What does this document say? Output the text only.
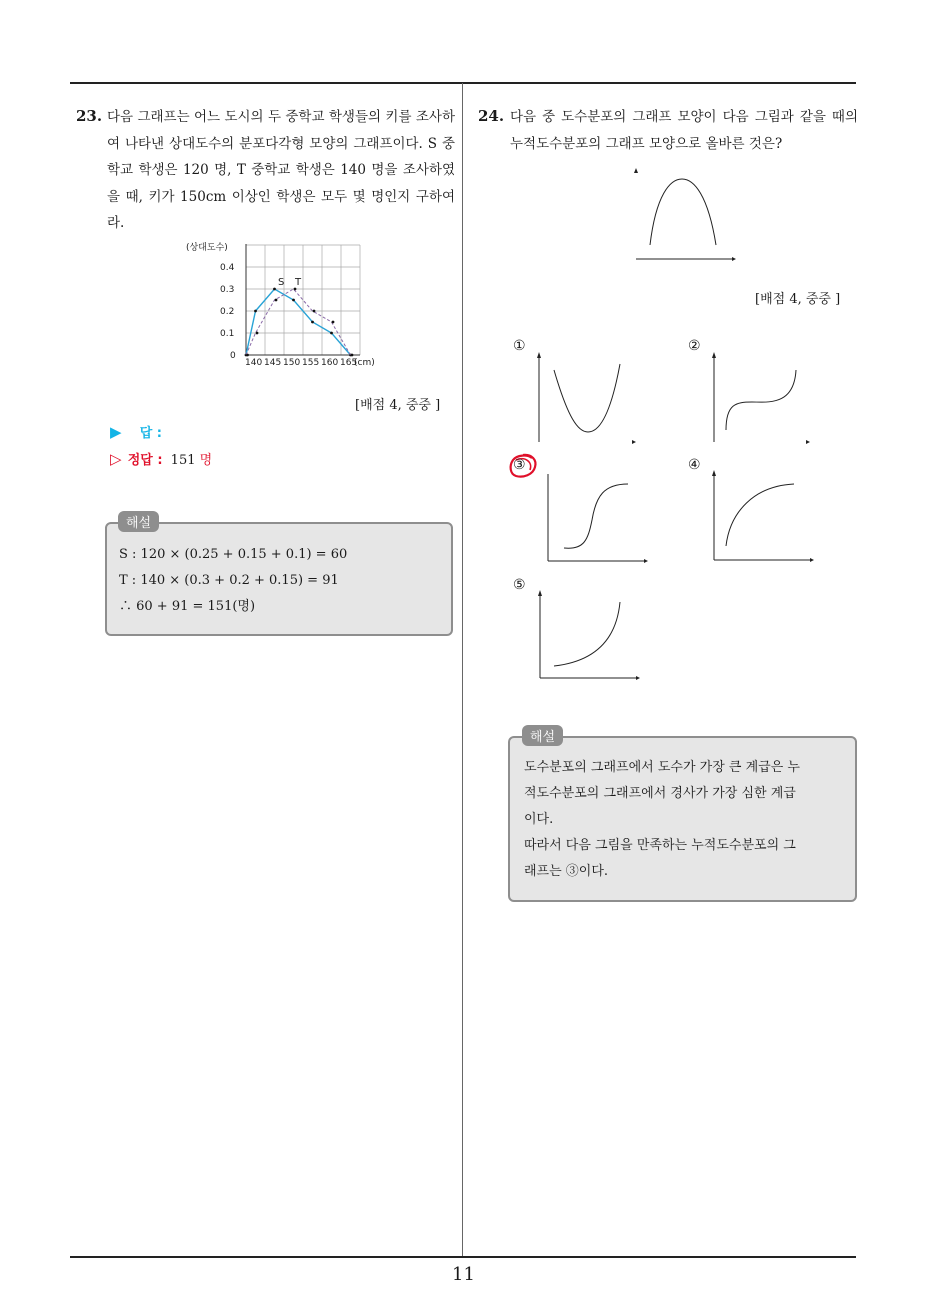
23. 다음 그래프는 어느 도시의 두 중학교 학생들의 키를 조사하여 나타낸 상대도수의 분포다각형 모양의 그래프이다. S 중학교 학생은 120 명, T 중학교 학생은 140 명을 조사하였을 때, 키가 150cm 이상인 학생은 모두 몇 명인지 구하여라.
(상대도수)
(cm)
0
0.1
0.2
0.3
0.4
140 145 150 155 160 165
S T
[배점 4, 중중 ]
▶ 답 :
▷ 정답 : 151 명
S : 120 × (0.25 + 0.15 + 0.1) = 60
T : 140 × (0.3 + 0.2 + 0.15) = 91
∴ 60 + 91 = 151(명)
해설
24. 다음 중 도수분포의 그래프 모양이 다음 그림과 같을 때의 누적도수분포의 그래프 모양으로 올바른 것은?
[배점 4, 중중 ]
①	②
③	④
⑤
도수분포의 그래프에서 도수가 가장 큰 계급은 누
적도수분포의 그래프에서 경사가 가장 심한 계급
이다.
따라서 다음 그림을 만족하는 누적도수분포의 그
래프는 ③이다.
해설
11
